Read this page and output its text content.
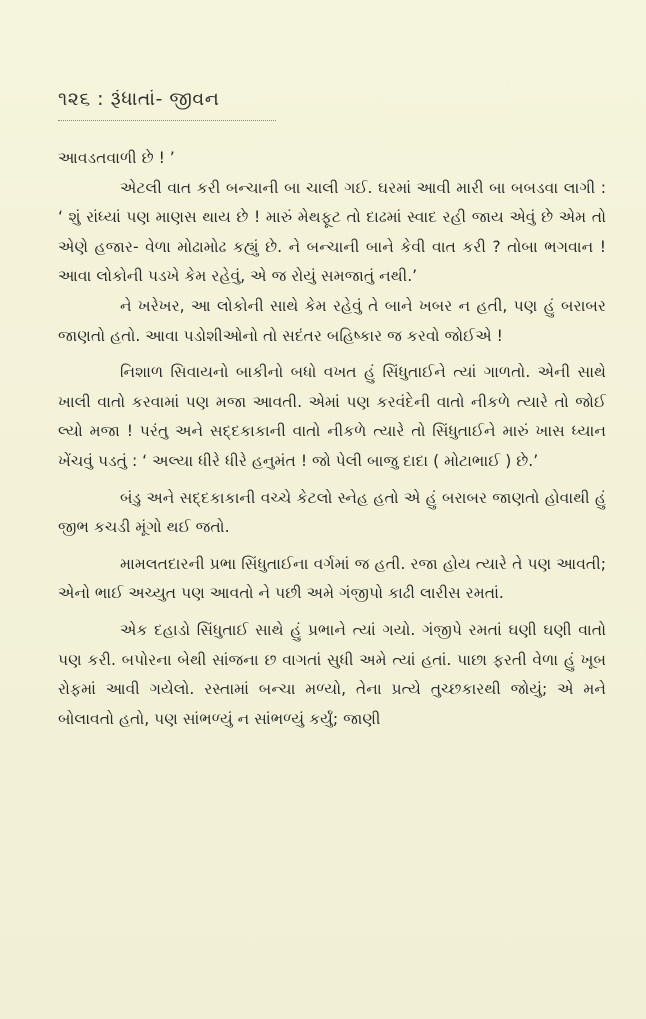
૧૨૬ : રૂંધાતાં- જીવન

આવડતવાળી છે ! ’

એટલી વાત કરી બન્ચાની બા ચાલી ગઈ. ઘરમાં આવી મારી બા બબડવા લાગી : ‘ શું રાંધ્યાં પણ માણસ થાય છે ! મારું મેથફૂટ તો દાઢમાં સ્વાદ રહી જાય એવું છે એમ તો એણે હજાર- વેળા મોઢામોઢ કહ્યું છે. ને બન્ચાની બાને કેવી વાત કરી ? તોબા ભગવાન ! આવા લોકોની પડખે કેમ રહેવું, એ જ રોયું સમજાતું નથી.’

ને ખરેખર, આ લોકોની સાથે કેમ રહેવું તે બાને ખબર ન હતી, પણ હું બરાબર જાણતો હતો. આવા પડોશીઓનો તો સદંતર બહિષ્કાર જ કરવો જોઈએ !

નિશાળ સિવાયનો બાકીનો બધો વખત હું સિંધુતાઈને ત્યાં ગાળતો. એની સાથે ખાલી વાતો કરવામાં પણ મજા આવતી. એમાં પણ કરવંદેની વાતો નીકળે ત્યારે તો જોઈ લ્યો મજા ! પરંતુ અને સદ્દકાકાની વાતો નીકળે ત્યારે તો સિંધુતાઈને મારું ખાસ ધ્યાન ખેંચવું પડતું : ‘ અલ્યા ધીરે ધીરે હનુમંત ! જો પેલી બાજુ દાદા ( મોટાભાઈ ) છે.’

બંડુ અને સદ્દકાકાની વચ્ચે કેટલો સ્નેહ હતો એ હું બરાબર જાણતો હોવાથી હું જીભ કચડી મૂંગો થઈ જતો.

મામલતદારની પ્રભા સિંધુતાઈના વર્ગમાં જ હતી. રજા હોય ત્યારે તે પણ આવતી; એનો ભાઈ અચ્યુત પણ આવતો ને પછી અમે ગંજીપો કાઢી લારીસ રમતાં.

એક દહાડો સિંધુતાઈ સાથે હું પ્રભાને ત્યાં ગયો. ગંજીપે રમતાં ઘણી ઘણી વાતો પણ કરી. બપોરના બેથી સાંજના છ વાગતાં સુધી અમે ત્યાં હતાં. પાછા ફરતી વેળા હું ખૂબ રોફમાં આવી ગયેલો. રસ્તામાં બન્ચા મળ્યો, તેના પ્રત્યે તુચ્છકારથી જોયું; એ મને બોલાવતો હતો, પણ સાંભળ્યું ન સાંભળ્યું કર્યું; જાણી
